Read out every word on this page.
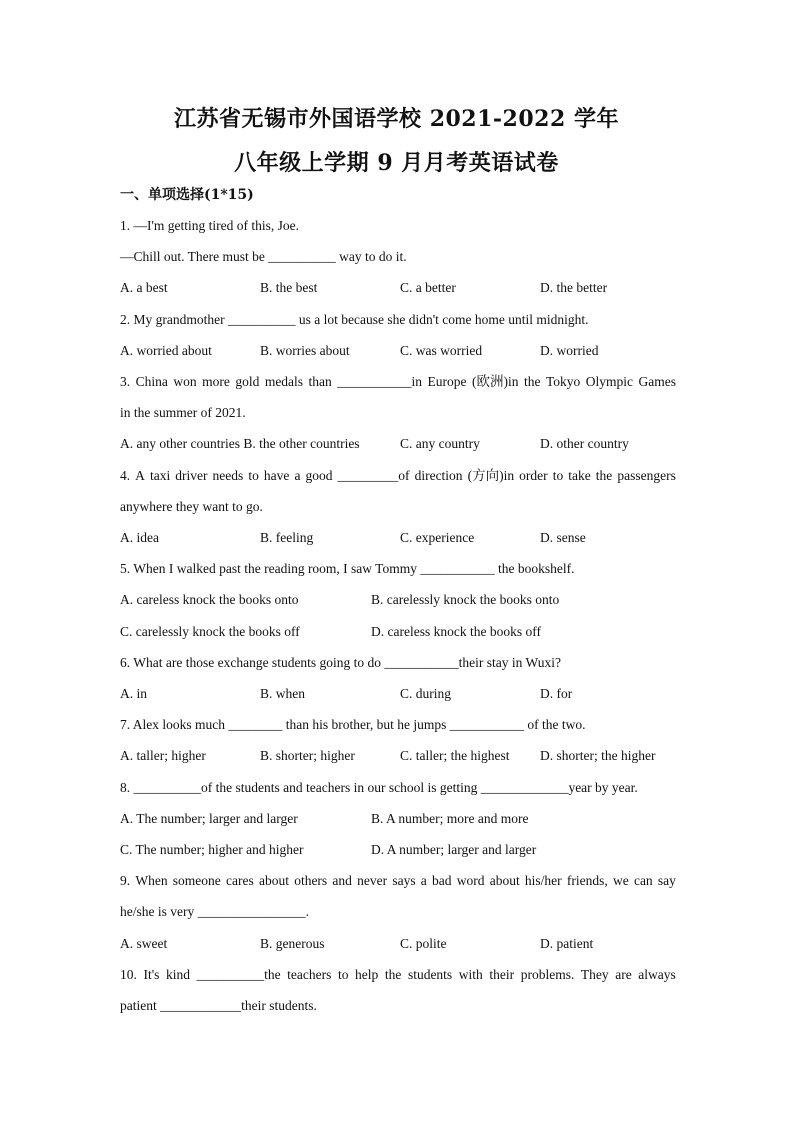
江苏省无锡市外国语学校 2021-2022 学年
八年级上学期 9 月月考英语试卷
一、单项选择(1*15)
1. —I'm getting tired of this, Joe.
—Chill out. There must be __________ way to do it.
A. a best	B. the best	C. a better	D. the better
2. My grandmother __________ us a lot because she didn't come home until midnight.
A. worried about	B. worries about	C. was worried	D. worried
3. China won more gold medals than ___________in Europe (欧洲)in the Tokyo Olympic Games
in the summer of 2021.
A. any other countries B. the other countries	C. any country	D. other country
4. A taxi driver needs to have a good _________of direction (方向)in order to take the passengers
anywhere they want to go.
A. idea	B. feeling	C. experience	D. sense
5. When I walked past the reading room, I saw Tommy ___________ the bookshelf.
A. careless knock the books onto	B. carelessly knock the books onto
C. carelessly knock the books off	D. careless knock the books off
6. What are those exchange students going to do ___________their stay in Wuxi?
A. in	B. when	C. during	D. for
7. Alex looks much ________ than his brother, but he jumps ___________ of the two.
A. taller; higher	B. shorter; higher	C. taller; the highest D. shorter; the higher
8. __________of the students and teachers in our school is getting _____________year by year.
A. The number; larger and larger	B. A number; more and more
C. The number; higher and higher	D. A number; larger and larger
9. When someone cares about others and never says a bad word about his/her friends, we can say
he/she is very ________________.
A. sweet	B. generous	C. polite	D. patient
10. It's kind __________the teachers to help the students with their problems. They are always
patient ____________their students.
